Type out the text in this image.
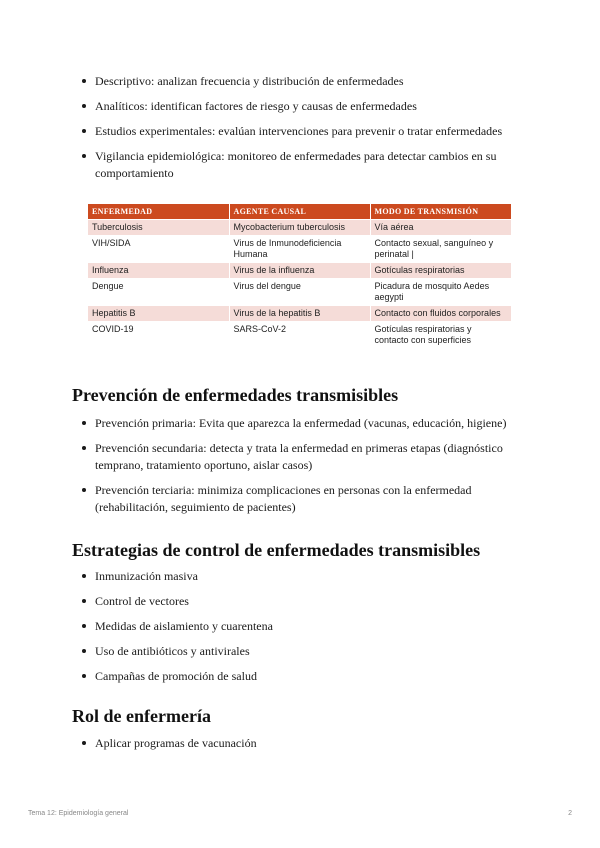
Descriptivo: analizan frecuencia y distribución de enfermedades
Analíticos: identifican factores de riesgo y causas de enfermedades
Estudios experimentales: evalúan intervenciones para prevenir o tratar enfermedades
Vigilancia epidemiológica: monitoreo de enfermedades para detectar cambios en su comportamiento
ENFERMEDAD	AGENTE CAUSAL	MODO DE TRANSMISIÓN
Tuberculosis	Mycobacterium tuberculosis	Vía aérea
VIH/SIDA	Virus de Inmunodeficiencia Humana	Contacto sexual, sanguíneo y perinatal |
Influenza	Virus de la influenza	Gotículas respiratorias
Dengue	Virus del dengue	Picadura de mosquito Aedes aegypti
Hepatitis B	Virus de la hepatitis B	Contacto con fluidos corporales
COVID-19	SARS-CoV-2	Gotículas respiratorias y contacto con superficies
Prevención de enfermedades transmisibles
Prevención primaria: Evita que aparezca la enfermedad (vacunas, educación, higiene)
Prevención secundaria: detecta y trata la enfermedad en primeras etapas (diagnóstico temprano, tratamiento oportuno, aislar casos)
Prevención terciaria: minimiza complicaciones en personas con la enfermedad (rehabilitación, seguimiento de pacientes)
Estrategias de control de enfermedades transmisibles
Inmunización masiva
Control de vectores
Medidas de aislamiento y cuarentena
Uso de antibióticos y antivirales
Campañas de promoción de salud
Rol de enfermería
Aplicar programas de vacunación
Tema 12: Epidemiología general	2
